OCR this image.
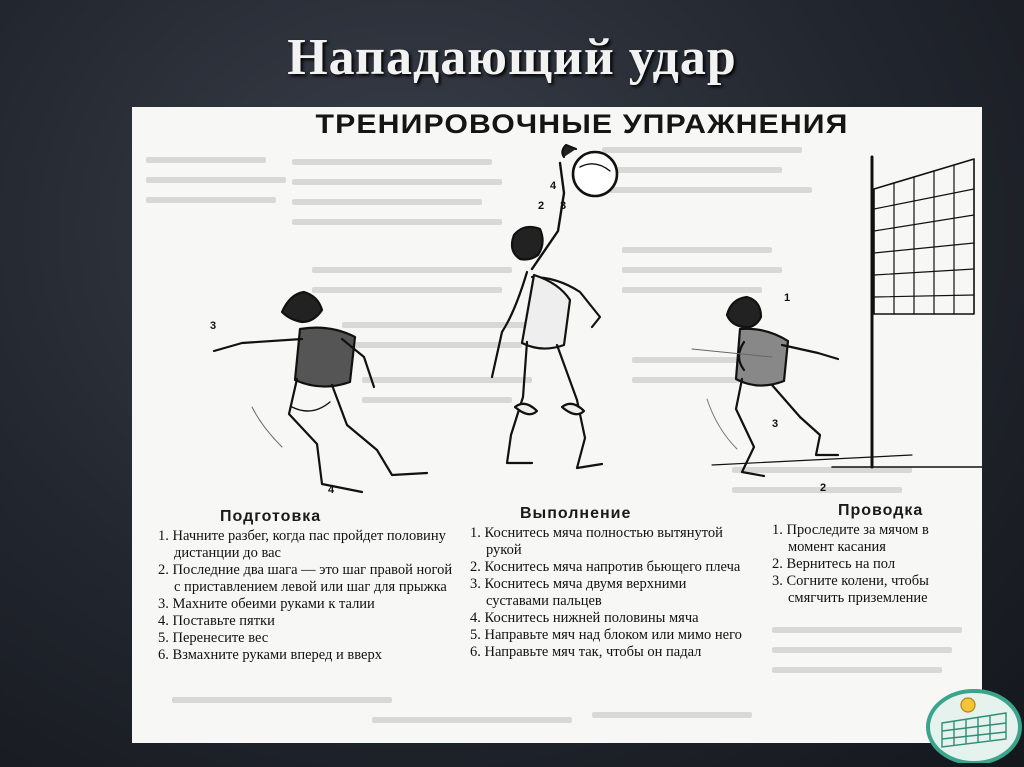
Нападающий удар
ТРЕНИРОВОЧНЫЕ УПРАЖНЕНИЯ
3
4
4
2 3
1
3
2
Подготовка
1. Начните разбег, когда пас пройдет половину дистанции до вас
2. Последние два шага — это шаг правой ногой с приставлением левой или шаг для прыжка
3. Махните обеими руками к талии
4. Поставьте пятки
5. Перенесите вес
6. Взмахните руками вперед и вверх
Выполнение
1. Коснитесь мяча полностью вытянутой рукой
2. Коснитесь мяча напротив бьющего плеча
3. Коснитесь мяча двумя верхними суставами пальцев
4. Коснитесь нижней половины мяча
5. Направьте мяч над блоком или мимо него
6. Направьте мяч так, чтобы он падал
Проводка
1. Проследите за мячом в момент касания
2. Вернитесь на пол
3. Согните колени, чтобы смягчить приземление
